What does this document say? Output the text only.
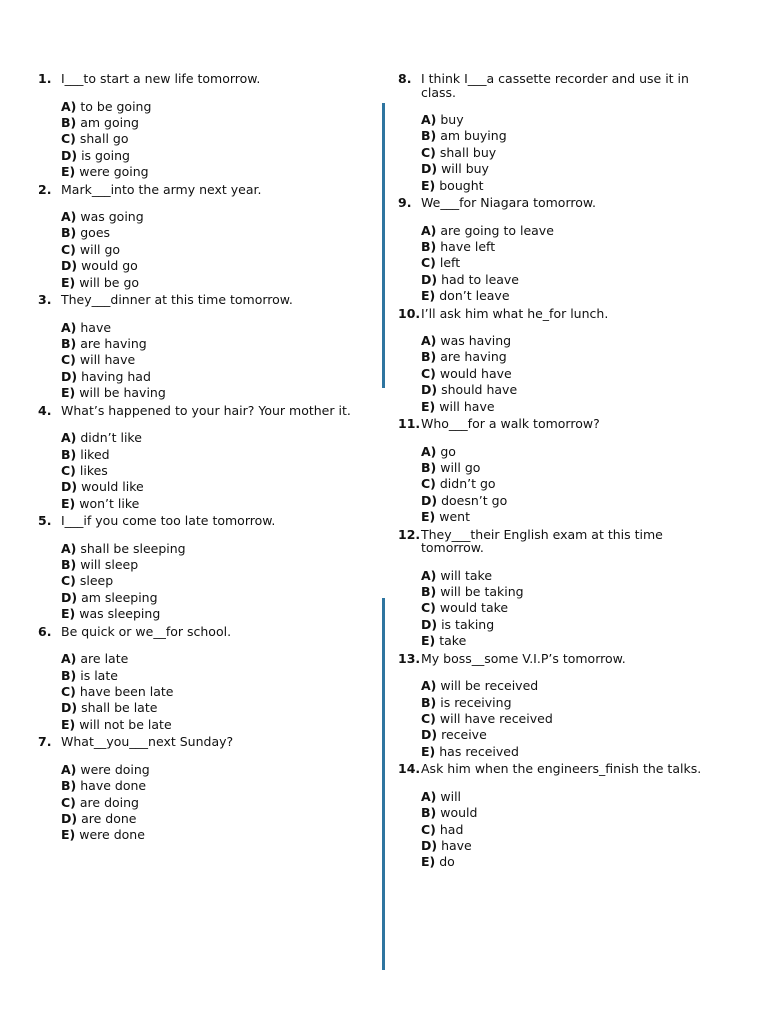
1. I___to start a new life tomorrow.
A) to be going
B) am going
C) shall go
D) is going
E) were going
2. Mark___into the army next year.
A) was going
B) goes
C) will go
D) would go
E) will be go
3. They___dinner at this time tomorrow.
A) have
B) are having
C) will have
D) having had
E) will be having
4. What’s happened to your hair? Your mother it.
A) didn’t like
B) liked
C) likes
D) would like
E) won’t like
5. I___if you come too late tomorrow.
A) shall be sleeping
B) will sleep
C) sleep
D) am sleeping
E) was sleeping
6. Be quick or we__for school.
A) are late
B) is late
C) have been late
D) shall be late
E) will not be late
7. What__you___next Sunday?
A) were doing
B) have done
C) are doing
D) are done
E) were done
8. I think I___a cassette recorder and use it in class.
A) buy
B) am buying
C) shall buy
D) will buy
E) bought
9. We___for Niagara tomorrow.
A) are going to leave
B) have left
C) left
D) had to leave
E) don’t leave
10. I’ll ask him what he_for lunch.
A) was having
B) are having
C) would have
D) should have
E) will have
11. Who___for a walk tomorrow?
A) go
B) will go
C) didn’t go
D) doesn’t go
E) went
12. They___their English exam at this time tomorrow.
A) will take
B) will be taking
C) would take
D) is taking
E) take
13. My boss__some V.I.P’s tomorrow.
A) will be received
B) is receiving
C) will have received
D) receive
E) has received
14. Ask him when the engineers_finish the talks.
A) will
B) would
C) had
D) have
E) do
